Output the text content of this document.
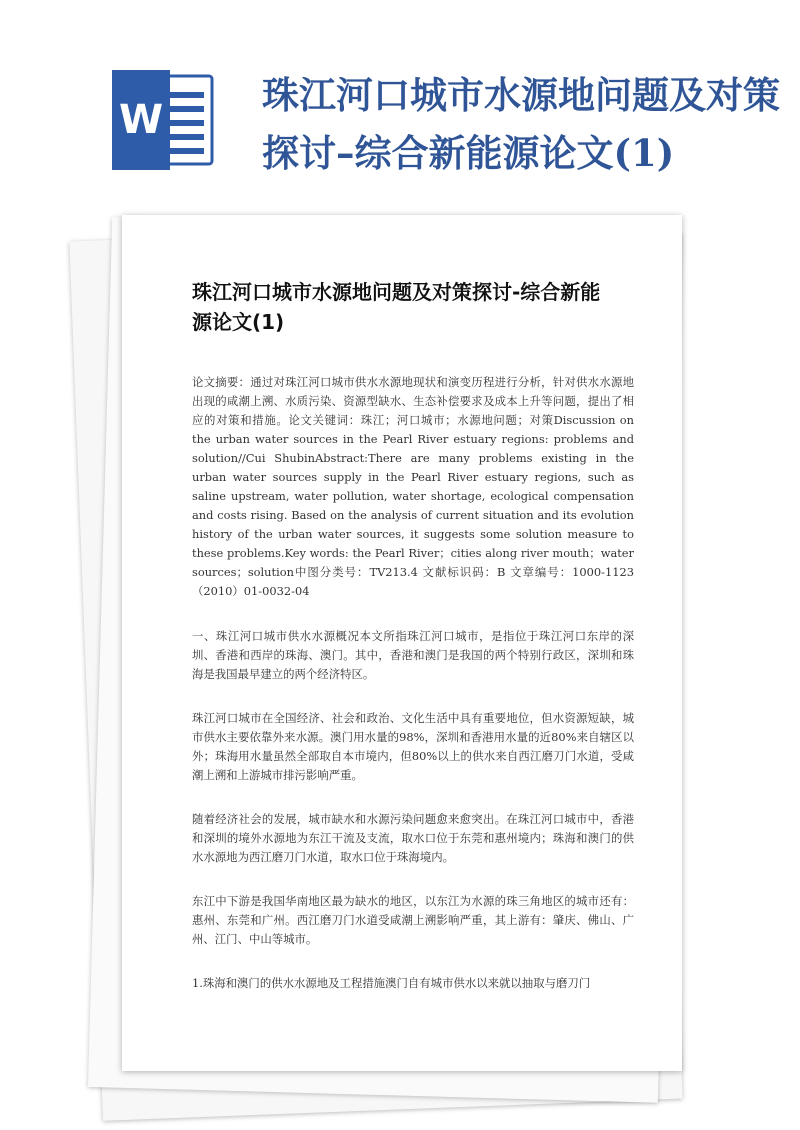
W
珠江河口城市水源地问题及对策探讨–综合新能源论文(1)
珠江河口城市水源地问题及对策探讨-综合新能源论文(1)

论文摘要：通过对珠江河口城市供水水源地现状和演变历程进行分析，针对供水水源地出现的咸潮上溯、水质污染、资源型缺水、生态补偿要求及成本上升等问题，提出了相应的对策和措施。论文关键词：珠江；河口城市；水源地问题；对策Discussion on the urban water sources in the Pearl River estuary regions: problems and solution//Cui ShubinAbstract:There are many problems existing in the urban water sources supply in the Pearl River estuary regions, such as saline upstream, water pollution, water shortage, ecological compensation and costs rising. Based on the analysis of current situation and its evolution history of the urban water sources, it suggests some solution measure to these problems.Key words: the Pearl River；cities along river mouth；water sources；solution中图分类号：TV213.4 文献标识码：B 文章编号：1000-1123（2010）01-0032-04

一、珠江河口城市供水水源概况本文所指珠江河口城市，是指位于珠江河口东岸的深圳、香港和西岸的珠海、澳门。其中，香港和澳门是我国的两个特别行政区，深圳和珠海是我国最早建立的两个经济特区。

珠江河口城市在全国经济、社会和政治、文化生活中具有重要地位，但水资源短缺，城市供水主要依靠外来水源。澳门用水量的98%，深圳和香港用水量的近80%来自辖区以外；珠海用水量虽然全部取自本市境内，但80%以上的供水来自西江磨刀门水道，受咸潮上溯和上游城市排污影响严重。

随着经济社会的发展，城市缺水和水源污染问题愈来愈突出。在珠江河口城市中，香港和深圳的境外水源地为东江干流及支流，取水口位于东莞和惠州境内；珠海和澳门的供水水源地为西江磨刀门水道，取水口位于珠海境内。

东江中下游是我国华南地区最为缺水的地区，以东江为水源的珠三角地区的城市还有：惠州、东莞和广州。西江磨刀门水道受咸潮上溯影响严重，其上游有：肇庆、佛山、广州、江门、中山等城市。

1.珠海和澳门的供水水源地及工程措施澳门自有城市供水以来就以抽取与磨刀门
